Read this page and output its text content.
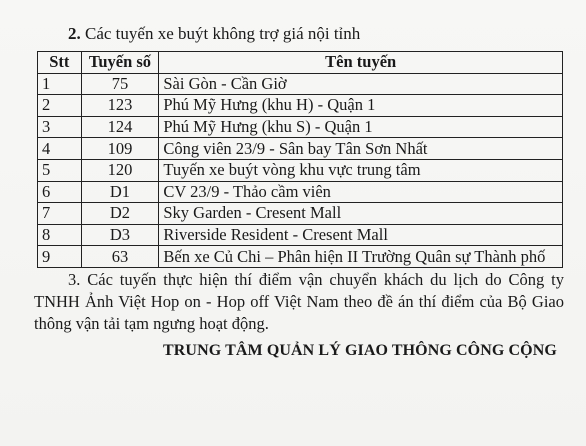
2. Các tuyến xe buýt không trợ giá nội tỉnh
Stt	Tuyến số	Tên tuyến
1	75	Sài Gòn - Cần Giờ
2	123	Phú Mỹ Hưng (khu H) - Quận 1
3	124	Phú Mỹ Hưng (khu S) - Quận 1
4	109	Công viên 23/9 - Sân bay Tân Sơn Nhất
5	120	Tuyến xe buýt vòng khu vực trung tâm
6	D1	CV 23/9 - Thảo cầm viên
7	D2	Sky Garden - Cresent Mall
8	D3	Riverside Resident - Cresent Mall
9	63	Bến xe Củ Chi – Phân hiện II Trường Quân sự Thành phố
3. Các tuyến thực hiện thí điểm vận chuyển khách du lịch do Công ty
TNHH Ảnh Việt Hop on - Hop off Việt Nam theo đề án thí điểm của Bộ Giao
thông vận tải tạm ngưng hoạt động.
TRUNG TÂM QUẢN LÝ GIAO THÔNG CÔNG CỘNG
